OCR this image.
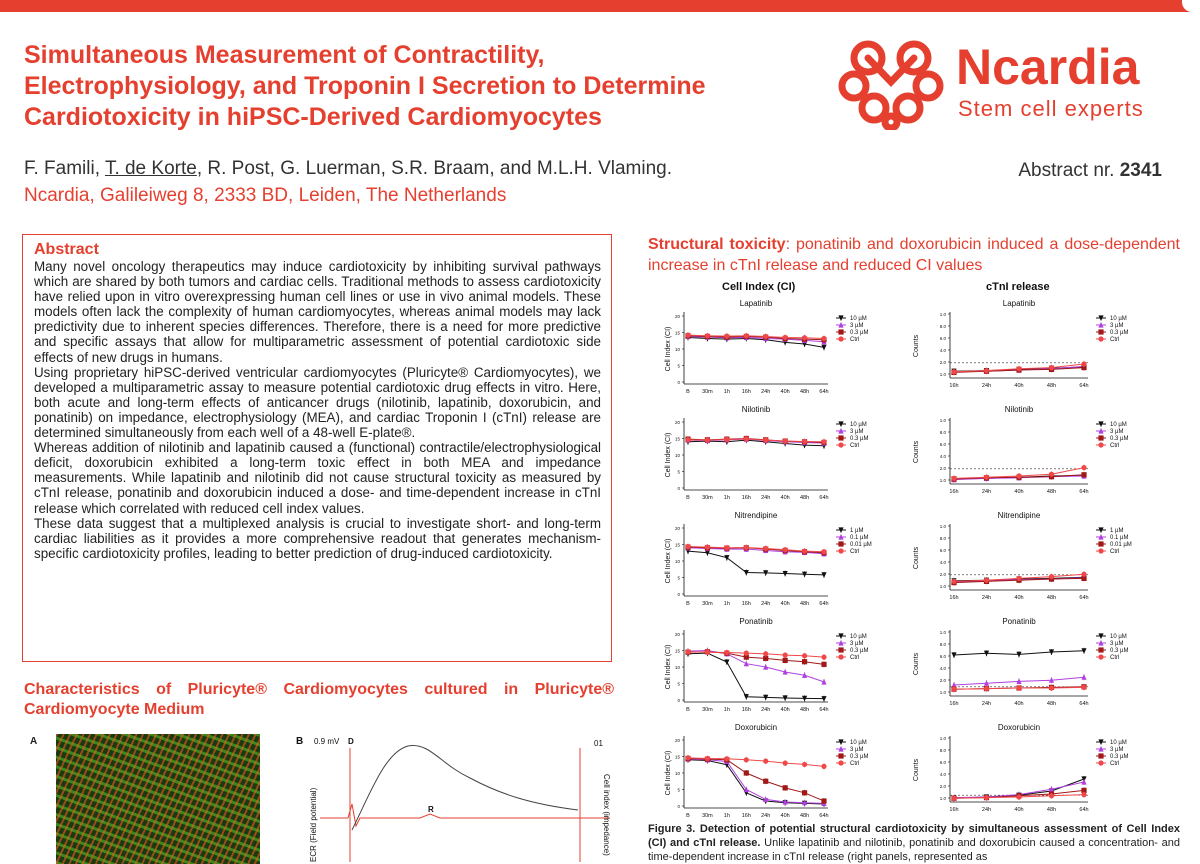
Simultaneous Measurement of Contractility,
Electrophysiology, and Troponin I Secretion to Determine
Cardiotoxicity in hiPSC-Derived Cardiomyocytes
F. Famili, T. de Korte, R. Post, G. Luerman, S.R. Braam, and M.L.H. Vlaming.
Ncardia, Galileiweg 8, 2333 BD, Leiden, The Netherlands
Abstract nr. 2341
Ncardia
Stem cell experts
Abstract

Many novel oncology therapeutics may induce cardiotoxicity by inhibiting survival pathways which are shared by both tumors and cardiac cells. Traditional methods to assess cardiotoxicity have relied upon in vitro overexpressing human cell lines or use in vivo animal models. These models often lack the complexity of human cardiomyocytes, whereas animal models may lack predictivity due to inherent species differences. Therefore, there is a need for more predictive and specific assays that allow for multiparametric assessment of potential cardiotoxic side effects of new drugs in humans.

Using proprietary hiPSC-derived ventricular cardiomyocytes (Pluricyte® Cardiomyocytes), we developed a multiparametric assay to measure potential cardiotoxic drug effects in vitro. Here, both acute and long-term effects of anticancer drugs (nilotinib, lapatinib, doxorubicin, and ponatinib) on impedance, electrophysiology (MEA), and cardiac Troponin I (cTnI) release are determined simultaneously from each well of a 48-well E-plate®.

Whereas addition of nilotinib and lapatinib caused a (functional) contractile/electrophysiological deficit, doxorubicin exhibited a long-term toxic effect in both MEA and impedance measurements. While lapatinib and nilotinib did not cause structural toxicity as measured by cTnI release, ponatinib and doxorubicin induced a dose- and time-dependent increase in cTnI release which correlated with reduced cell index values.

These data suggest that a multiplexed analysis is crucial to investigate short- and long-term cardiac liabilities as it provides a more comprehensive readout that generates mechanism-specific cardiotoxicity profiles, leading to better prediction of drug-induced cardiotoxicity.

Characteristics of Pluricyte® Cardiomyocytes cultured in Pluricyte® Cardiomyocyte Medium
A	B 0.9 mV D	01
R
ECR (Field potential)	Cell index (impedance)
Structural toxicity: ponatinib and doxorubicin induced a dose-dependent increase in cTnI release and reduced CI values
Cell Index (CI)	cTnI release
Lapatinib
0
5
10
15
20
Cell Index (CI)
B 30m 1h 16h 24h 40h 48h 64h
10 µM
3 µM
0.3 µM
Ctrl
Lapatinib
1.0
8.0
6.0
4.0
2.0
1.0
Counts
16h	24h	40h	48h	64h
10 µM
3 µM
0.3 µM
Ctrl
Nilotinib
0
5
10
15
20
Cell Index (CI)
B 30m 1h 16h 24h 40h 48h 64h
10 µM
3 µM
0.3 µM
Ctrl
Nilotinib
1.0
8.0
6.0
4.0
2.0
1.0
Counts
16h	24h	40h	48h	64h
10 µM
3 µM
0.3 µM
Ctrl
Nitrendipine
0
5
10
15
20
Cell Index (CI)
B 30m 1h 16h 24h 40h 48h 64h
1 µM
0.1 µM
0.01 µM
Ctrl
Nitrendipine
1.0
8.0
6.0
4.0
2.0
1.0
Counts
16h	24h	40h	48h	64h
1 µM
0.1 µM
0.01 µM
Ctrl
Ponatinib
0
5
10
15
20
Cell Index (CI)
B 30m 1h 16h 24h 40h 48h 64h
10 µM
3 µM
0.3 µM
Ctrl
Ponatinib
1.0
8.0
6.0
4.0
2.0
1.0
Counts
16h	24h	40h	48h	64h
10 µM
3 µM
0.3 µM
Ctrl
Doxorubicin
0
5
10
15
20
Cell Index (CI)
B 30m 1h 16h 24h 40h 48h 64h
10 µM
3 µM
0.3 µM
Ctrl
Doxorubicin
1.0
8.0
6.0
4.0
2.0
1.0
Counts
16h	24h	40h	48h	64h
10 µM
3 µM
0.3 µM
Ctrl
Figure 3. Detection of potential structural cardiotoxicity by simultaneous assessment of Cell Index (CI) and cTnI release. Unlike lapatinib and nilotinib, ponatinib and doxorubicin caused a concentration- and time-dependent increase in cTnI release (right panels, represented as
